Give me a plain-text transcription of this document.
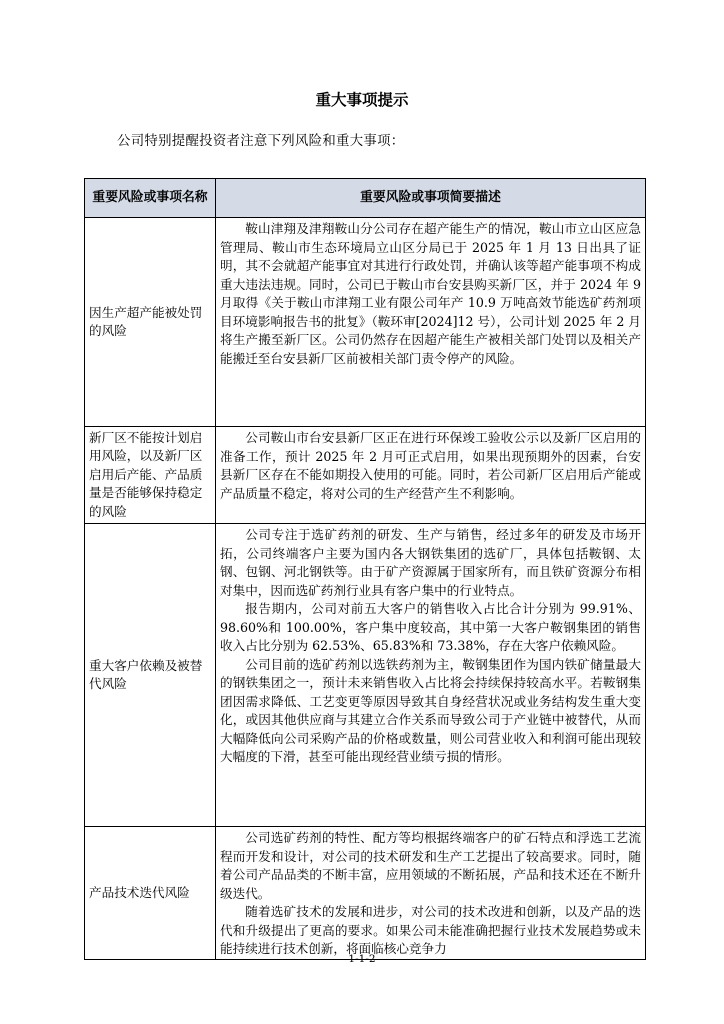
重大事项提示
公司特别提醒投资者注意下列风险和重大事项：
重要风险或事项名称	重要风险或事项简要描述
因生产超产能被处罚的风险	鞍山津翔及津翔鞍山分公司存在超产能生产的情况，鞍山市立山区应急管理局、鞍山市生态环境局立山区分局已于 2025 年 1 月 13 日出具了证明，其不会就超产能事宜对其进行行政处罚，并确认该等超产能事项不构成重大违法违规。同时，公司已于鞍山市台安县购买新厂区，并于 2024 年 9 月取得《关于鞍山市津翔工业有限公司年产 10.9 万吨高效节能选矿药剂项目环境影响报告书的批复》（鞍环审[2024]12 号），公司计划 2025 年 2 月将生产搬至新厂区。公司仍然存在因超产能生产被相关部门处罚以及相关产能搬迁至台安县新厂区前被相关部门责令停产的风险。

新厂区不能按计划启用风险，以及新厂区启用后产能、产品质量是否能够保持稳定的风险	公司鞍山市台安县新厂区正在进行环保竣工验收公示以及新厂区启用的准备工作，预计 2025 年 2 月可正式启用，如果出现预期外的因素，台安县新厂区存在不能如期投入使用的可能。同时，若公司新厂区启用后产能或产品质量不稳定，将对公司的生产经营产生不利影响。

重大客户依赖及被替代风险	公司专注于选矿药剂的研发、生产与销售，经过多年的研发及市场开拓，公司终端客户主要为国内各大钢铁集团的选矿厂，具体包括鞍钢、太钢、包钢、河北钢铁等。由于矿产资源属于国家所有，而且铁矿资源分布相对集中，因而选矿药剂行业具有客户集中的行业特点。

报告期内，公司对前五大客户的销售收入占比合计分别为 99.91%、98.60%和 100.00%，客户集中度较高，其中第一大客户鞍钢集团的销售收入占比分别为 62.53%、65.83%和 73.38%，存在大客户依赖风险。

公司目前的选矿药剂以选铁药剂为主，鞍钢集团作为国内铁矿储量最大的钢铁集团之一，预计未来销售收入占比将会持续保持较高水平。若鞍钢集团因需求降低、工艺变更等原因导致其自身经营状况或业务结构发生重大变化，或因其他供应商与其建立合作关系而导致公司于产业链中被替代，从而大幅降低向公司采购产品的价格或数量，则公司营业收入和利润可能出现较大幅度的下滑，甚至可能出现经营业绩亏损的情形。

产品技术迭代风险	公司选矿药剂的特性、配方等均根据终端客户的矿石特点和浮选工艺流程而开发和设计，对公司的技术研发和生产工艺提出了较高要求。同时，随着公司产品品类的不断丰富，应用领域的不断拓展，产品和技术还在不断升级迭代。

随着选矿技术的发展和进步，对公司的技术改进和创新，以及产品的迭代和升级提出了更高的要求。如果公司未能准确把握行业技术发展趋势或未能持续进行技术创新，将面临核心竞争力

1-1-2
